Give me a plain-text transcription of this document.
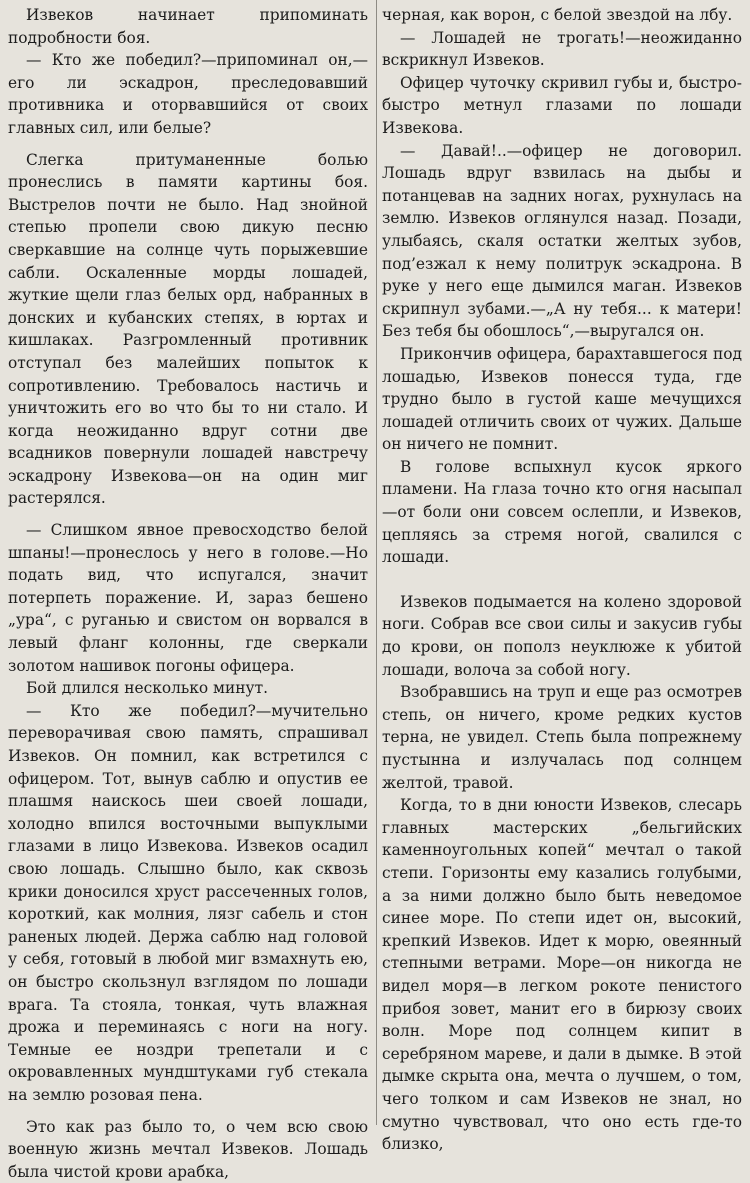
Извеков начинает припоминать подробности боя.

— Кто же победил?—припоминал он,—его ли эскадрон, преследовавший противника и оторвавшийся от своих главных сил, или белые?

Слегка притуманенные болью пронеслись в памяти картины боя. Выстрелов почти не было. Над знойной степью пропели свою дикую песню сверкавшие на солнце чуть порыжевшие сабли. Оскаленные морды лошадей, жуткие щели глаз белых орд, набранных в донских и кубанских степях, в юртах и кишлаках. Разгромленный противник отступал без малейших попыток к сопротивлению. Требовалось настичь и уничтожить его во что бы то ни стало. И когда неожиданно вдруг сотни две всадников повернули лошадей навстречу эскадрону Извекова—он на один миг растерялся.

— Слишком явное превосходство белой шпаны!—пронеслось у него в голове.—Но подать вид, что испугался, значит потерпеть поражение. И, зараз бешено „ура“, с руганью и свистом он ворвался в левый фланг колонны, где сверкали золотом нашивок погоны офицера.

Бой длился несколько минут.

— Кто же победил?—мучительно переворачивая свою память, спрашивал Извеков. Он помнил, как встретился с офицером. Тот, вынув саблю и опустив ее плашмя наискось шеи своей лошади, холодно впился восточными выпуклыми глазами в лицо Извекова. Извеков осадил свою лошадь. Слышно было, как сквозь крики доносился хруст рассеченных голов, короткий, как молния, лязг сабель и стон раненых людей. Держа саблю над головой у себя, готовый в любой миг взмахнуть ею, он быстро скользнул взглядом по лошади врага. Та стояла, тонкая, чуть влажная дрожа и переминаясь с ноги на ногу. Темные ее ноздри трепетали и с окровавленных мундштуками губ стекала на землю розовая пена.

Это как раз было то, о чем всю свою военную жизнь мечтал Извеков. Лошадь была чистой крови арабка,

черная, как ворон, с белой звездой на лбу.

— Лошадей не трогать!—неожиданно вскрикнул Извеков.

Офицер чуточку скривил губы и, быстро-быстро метнул глазами по лошади Извекова.

— Давай!..—офицер не договорил. Лошадь вдруг взвилась на дыбы и потанцевав на задних ногах, рухнулась на землю. Извеков оглянулся назад. Позади, улыбаясь, скаля остатки желтых зубов, под’езжал к нему политрук эскадрона. В руке у него еще дымился маган. Извеков скрипнул зубами.—„А ну тебя... к матери! Без тебя бы обошлось“,—выругался он.

Прикончив офицера, барахтавшегося под лошадью, Извеков понесся туда, где трудно было в густой каше мечущихся лошадей отличить своих от чужих. Дальше он ничего не помнит.

В голове вспыхнул кусок яркого пламени. На глаза точно кто огня насыпал—от боли они совсем ослепли, и Извеков, цепляясь за стремя ногой, свалился с лошади.

Извеков подымается на колено здоровой ноги. Собрав все свои силы и закусив губы до крови, он пополз неуклюже к убитой лошади, волоча за собой ногу.

Взобравшись на труп и еще раз осмотрев степь, он ничего, кроме редких кустов терна, не увидел. Степь была попрежнему пустынна и излучалась под солнцем желтой, травой.

Когда, то в дни юности Извеков, слесарь главных мастерских „бельгийских каменноугольных копей“ мечтал о такой степи. Горизонты ему казались голубыми, а за ними должно было быть неведомое синее море. По степи идет он, высокий, крепкий Извеков. Идет к морю, овеянный степными ветрами. Море—он никогда не видел моря—в легком рокоте пенистого прибоя зовет, манит его в бирюзу своих волн. Море под солнцем кипит в серебряном мареве, и дали в дымке. В этой дымке скрыта она, мечта о лучшем, о том, чего толком и сам Извеков не знал, но смутно чувствовал, что оно есть где-то близко,
